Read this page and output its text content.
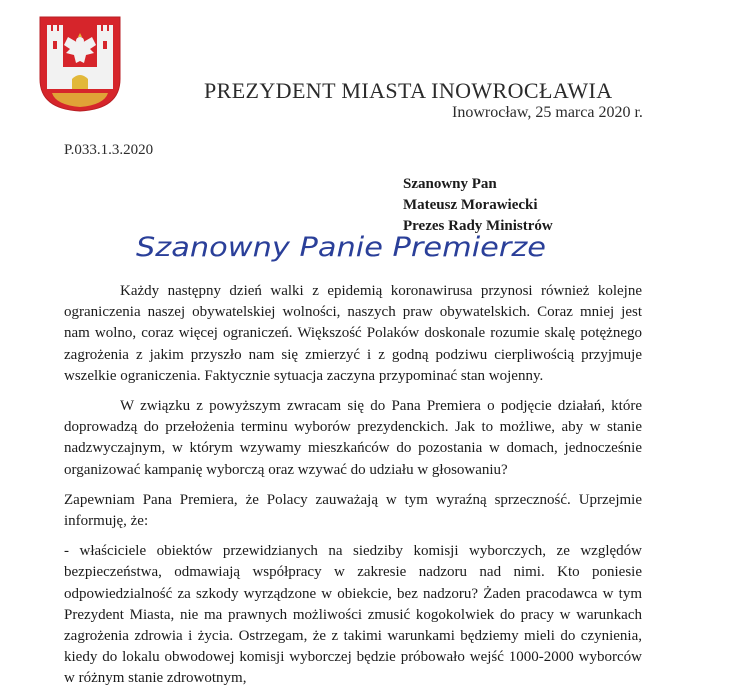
PREZYDENT MIASTA INOWROCŁAWIA
Inowrocław, 25 marca 2020 r.
P.033.1.3.2020
Szanowny Pan
Mateusz Morawiecki
Prezes Rady Ministrów
Szanowny Panie Premierze

Każdy następny dzień walki z epidemią koronawirusa przynosi również kolejne ograniczenia naszej obywatelskiej wolności, naszych praw obywatelskich. Coraz mniej jest nam wolno, coraz więcej ograniczeń. Większość Polaków doskonale rozumie skalę potężnego zagrożenia z jakim przyszło nam się zmierzyć i z godną podziwu cierpliwością przyjmuje wszelkie ograniczenia. Faktycznie sytuacja zaczyna przypominać stan wojenny.

W związku z powyższym zwracam się do Pana Premiera o podjęcie działań, które doprowadzą do przełożenia terminu wyborów prezydenckich. Jak to możliwe, aby w stanie nadzwyczajnym, w którym wzywamy mieszkańców do pozostania w domach, jednocześnie organizować kampanię wyborczą oraz wzywać do udziału w głosowaniu?

Zapewniam Pana Premiera, że Polacy zauważają w tym wyraźną sprzeczność. Uprzejmie informuję, że:

- właściciele obiektów przewidzianych na siedziby komisji wyborczych, ze względów bezpieczeństwa, odmawiają współpracy w zakresie nadzoru nad nimi. Kto poniesie odpowiedzialność za szkody wyrządzone w obiekcie, bez nadzoru? Żaden pracodawca w tym Prezydent Miasta, nie ma prawnych możliwości zmusić kogokolwiek do pracy w warunkach zagrożenia zdrowia i życia. Ostrzegam, że z takimi warunkami będziemy mieli do czynienia, kiedy do lokalu obwodowej komisji wyborczej będzie próbowało wejść 1000-2000 wyborców w różnym stanie zdrowotnym,
